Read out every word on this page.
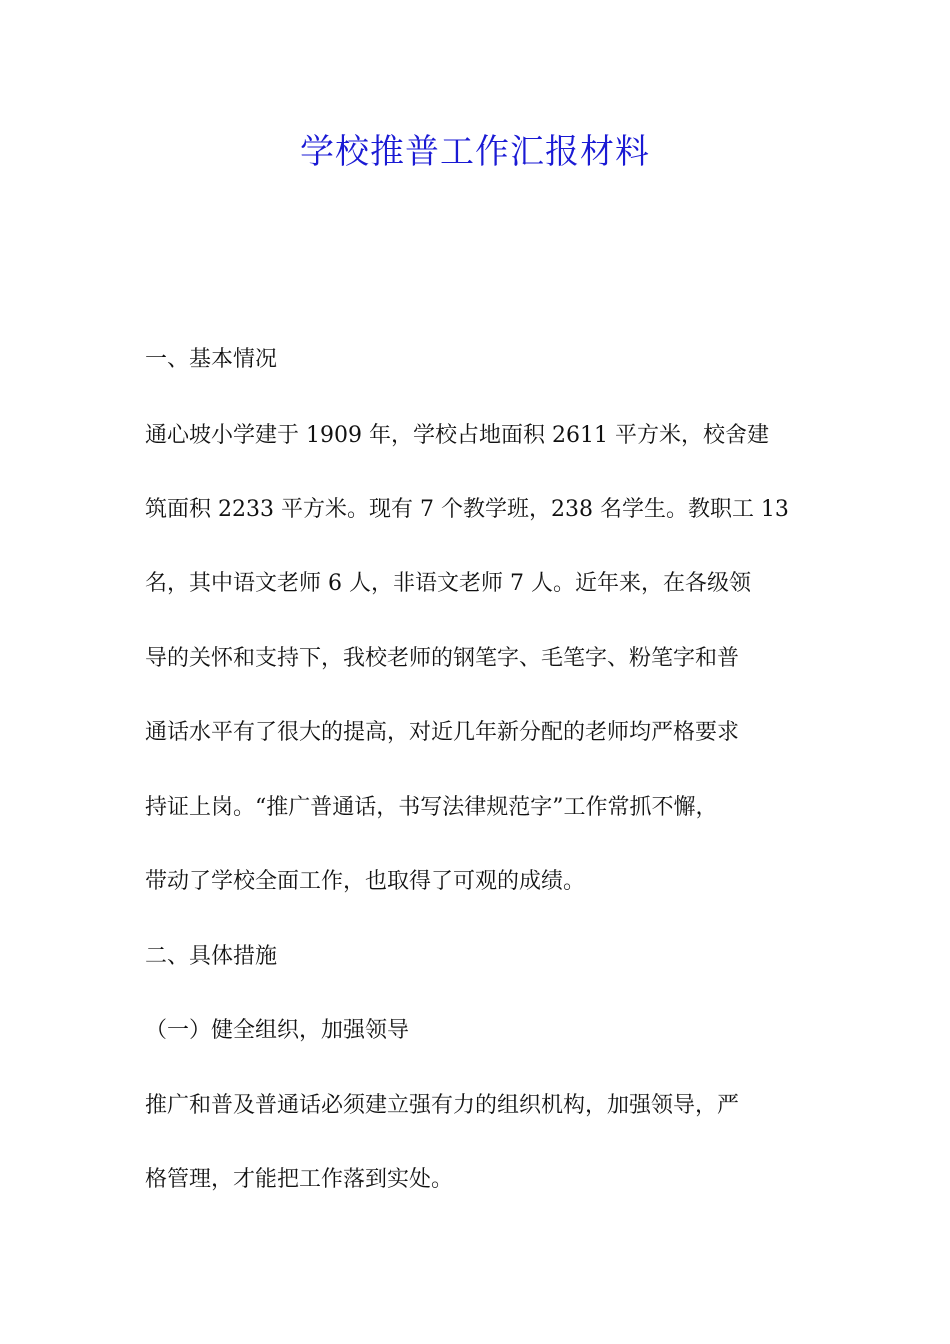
学校推普工作汇报材料
一、基本情况
通心坡小学建于 1909 年，学校占地面积 2611 平方米，校舍建
筑面积 2233 平方米。现有 7 个教学班，238 名学生。教职工 13
名，其中语文老师 6 人，非语文老师 7 人。近年来，在各级领
导的关怀和支持下，我校老师的钢笔字、毛笔字、粉笔字和普
通话水平有了很大的提高，对近几年新分配的老师均严格要求
持证上岗。“推广普通话，书写法律规范字”工作常抓不懈，
带动了学校全面工作，也取得了可观的成绩。
二、具体措施
（一）健全组织，加强领导
推广和普及普通话必须建立强有力的组织机构，加强领导，严
格管理，才能把工作落到实处。
